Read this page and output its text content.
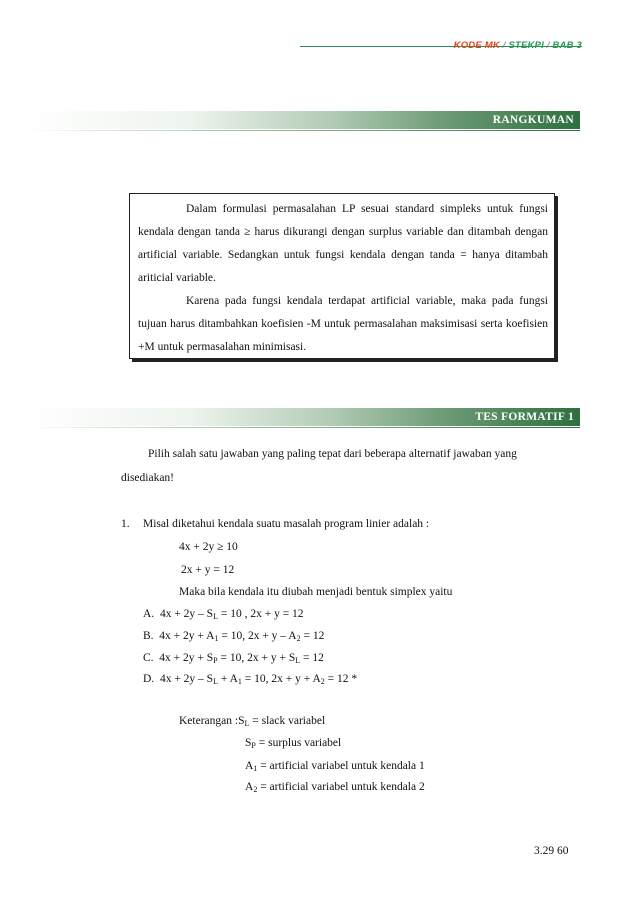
KODE MK / STEKPI / BAB 3
RANGKUMAN

Dalam formulasi permasalahan LP sesuai standard simpleks untuk fungsi kendala dengan tanda ≥ harus dikurangi dengan surplus variable dan ditambah dengan artificial variable. Sedangkan untuk fungsi kendala dengan tanda = hanya ditambah ariticial variable.

Karena pada fungsi kendala terdapat artificial variable, maka pada fungsi tujuan harus ditambahkan koefisien -M untuk permasalahan maksimisasi serta koefisien +M untuk permasalahan minimisasi.

TES FORMATIF 1
Pilih salah satu jawaban yang paling tepat dari beberapa alternatif jawaban yang
disediakan!
1. Misal diketahui kendala suatu masalah program linier adalah :
4x + 2y ≥ 10
2x + y = 12
Maka bila kendala itu diubah menjadi bentuk simplex yaitu
A. $4x + 2y - S_L = 10$ , 2x + y = 12
B. $4x + 2y + A_1 = 10$, $2x + y - A_2 = 12$
C. $4x + 2y + S_P = 10$, $2x + y + S_L = 12$
D. $4x + 2y - S_L + A_1 = 10$, $2x + y + A_2 = 12$ *
Keterangan $:S_L$ = slack variabel
$S_P$ = surplus variabel
$A_1$ = artificial variabel untuk kendala 1
$A_2$ = artificial variabel untuk kendala 2
3.29 60
